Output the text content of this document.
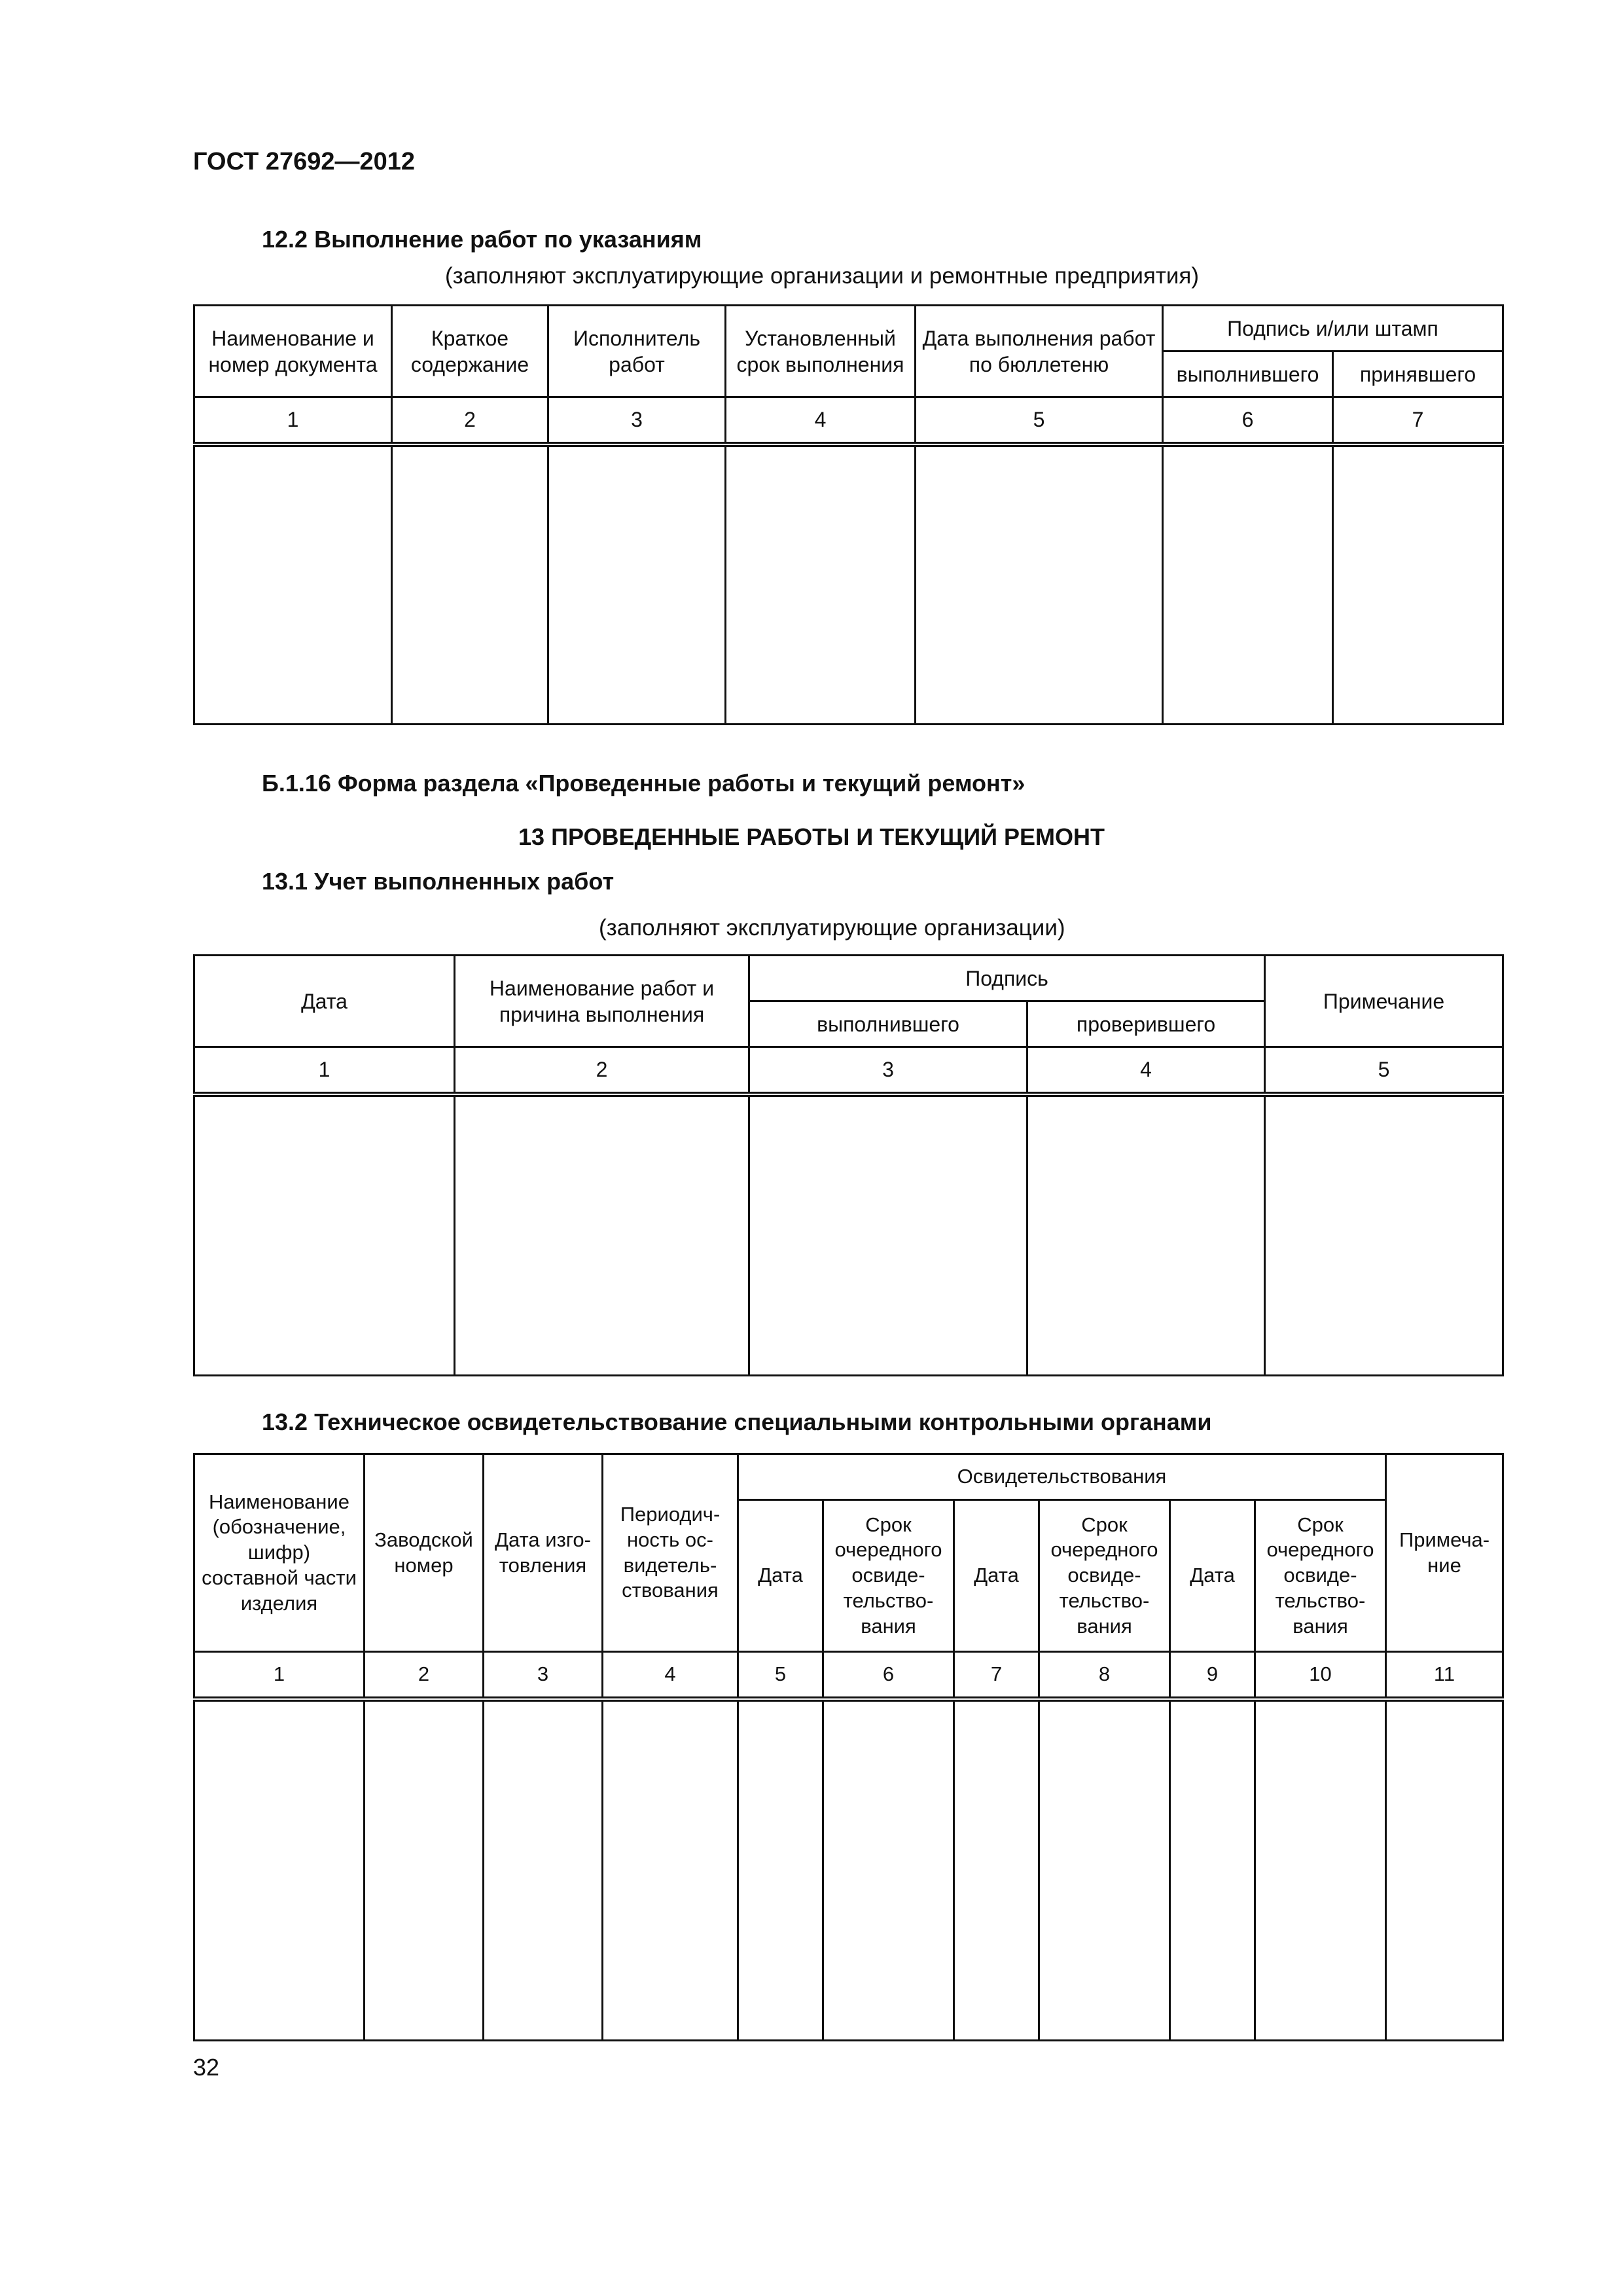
ГОСТ 27692—2012
12.2 Выполнение работ по указаниям
(заполняют эксплуатирующие организации и ремонтные предприятия)
Наименование и номер документа	Краткое содержание	Исполнитель работ	Установленный срок выполнения	Дата выполнения работ по бюллетеню	Подпись и/или штамп	
					выполнившего	принявшего
1	2	3	4	5	6	7

Б.1.16 Форма раздела «Проведенные работы и текущий ремонт»
13 ПРОВЕДЕННЫЕ РАБОТЫ И ТЕКУЩИЙ РЕМОНТ
13.1 Учет выполненных работ
(заполняют эксплуатирующие организации)
Дата	Наименование работ и причина выполнения	Подпись		Примечание
		выполнившего	проверившего	
1	2	3	4	5

13.2 Техническое освидетельствование специальными контрольными органами
Наименование (обозначение, шифр) составной части изделия	Заводской номер	Дата изготовления	Периодичность освидетельствования	Освидетельствования						Примечание
				Дата	Срок очередного освидетельствования	Дата	Срок очередного освидетельствования	Дата	Срок очередного освидетельствования	
1	2	3	4	5	6	7	8	9	10	11

32
